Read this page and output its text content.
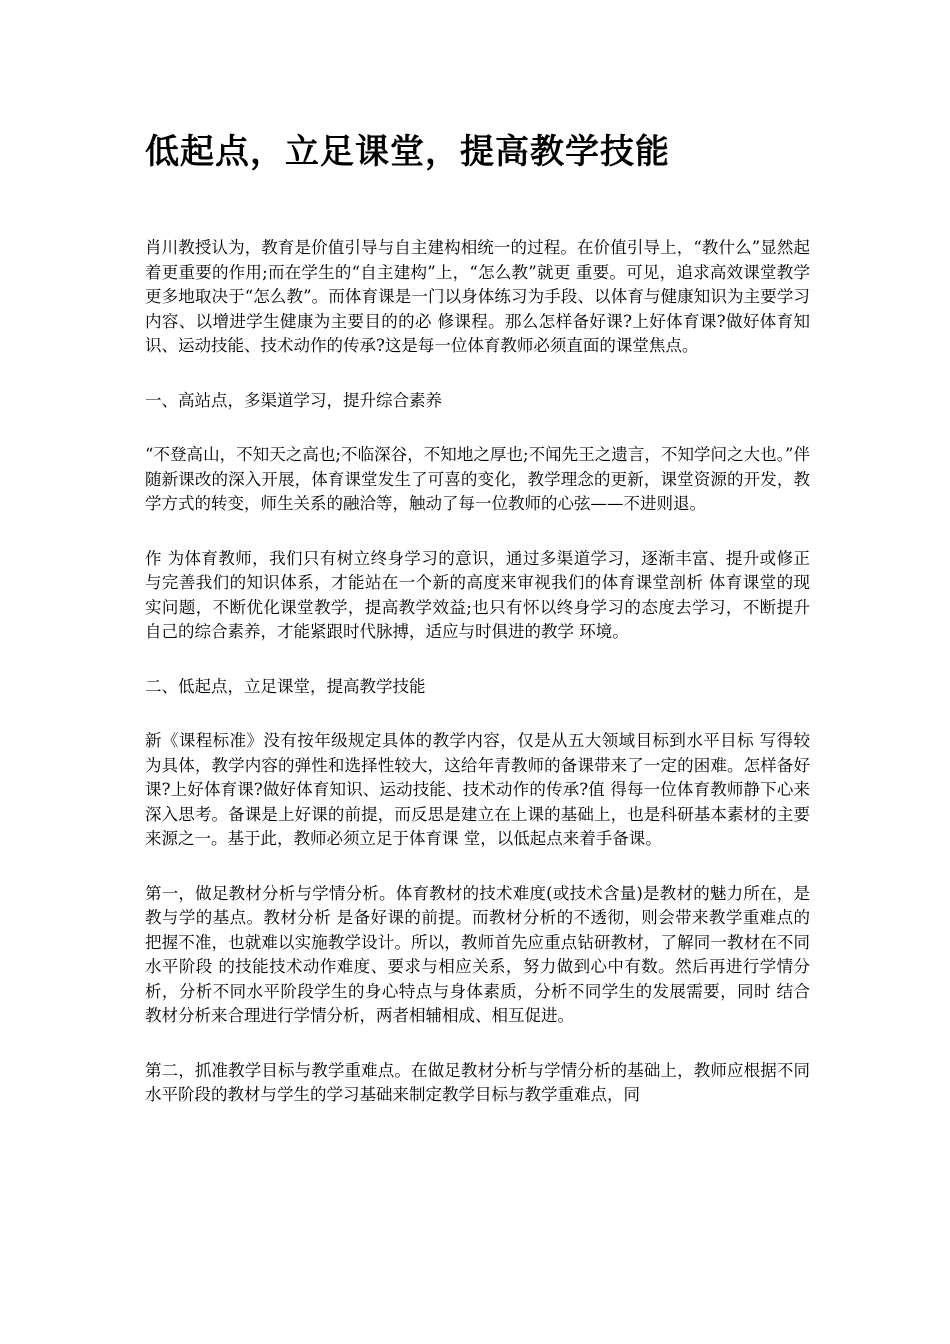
低起点，立足课堂，提高教学技能

肖川教授认为，教育是价值引导与自主建构相统一的过程。在价值引导上，“教什么”显然起着更重要的作用;而在学生的“自主建构”上，“怎么教”就更 重要。可见，追求高效课堂教学更多地取决于“怎么教”。而体育课是一门以身体练习为手段、以体育与健康知识为主要学习内容、以增进学生健康为主要目的的必 修课程。那么怎样备好课?上好体育课?做好体育知识、运动技能、技术动作的传承?这是每一位体育教师必须直面的课堂焦点。

一、高站点，多渠道学习，提升综合素养

“不登高山，不知天之高也;不临深谷，不知地之厚也;不闻先王之遗言，不知学问之大也。”伴随新课改的深入开展，体育课堂发生了可喜的变化，教学理念的更新，课堂资源的开发，教学方式的转变，师生关系的融洽等，触动了每一位教师的心弦——不进则退。

作 为体育教师，我们只有树立终身学习的意识，通过多渠道学习，逐渐丰富、提升或修正与完善我们的知识体系，才能站在一个新的高度来审视我们的体育课堂剖析 体育课堂的现实问题，不断优化课堂教学，提高教学效益;也只有怀以终身学习的态度去学习，不断提升自己的综合素养，才能紧跟时代脉搏，适应与时俱进的教学 环境。

二、低起点，立足课堂，提高教学技能

新《课程标准》没有按年级规定具体的教学内容，仅是从五大领域目标到水平目标 写得较为具体，教学内容的弹性和选择性较大，这给年青教师的备课带来了一定的困难。怎样备好课?上好体育课?做好体育知识、运动技能、技术动作的传承?值 得每一位体育教师静下心来深入思考。备课是上好课的前提，而反思是建立在上课的基础上，也是科研基本素材的主要来源之一。基于此，教师必须立足于体育课 堂，以低起点来着手备课。

第一，做足教材分析与学情分析。体育教材的技术难度(或技术含量)是教材的魅力所在，是教与学的基点。教材分析 是备好课的前提。而教材分析的不透彻，则会带来教学重难点的把握不准，也就难以实施教学设计。所以，教师首先应重点钻研教材，了解同一教材在不同水平阶段 的技能技术动作难度、要求与相应关系，努力做到心中有数。然后再进行学情分析，分析不同水平阶段学生的身心特点与身体素质，分析不同学生的发展需要，同时 结合教材分析来合理进行学情分析，两者相辅相成、相互促进。

第二，抓准教学目标与教学重难点。在做足教材分析与学情分析的基础上，教师应根据不同水平阶段的教材与学生的学习基础来制定教学目标与教学重难点，同
